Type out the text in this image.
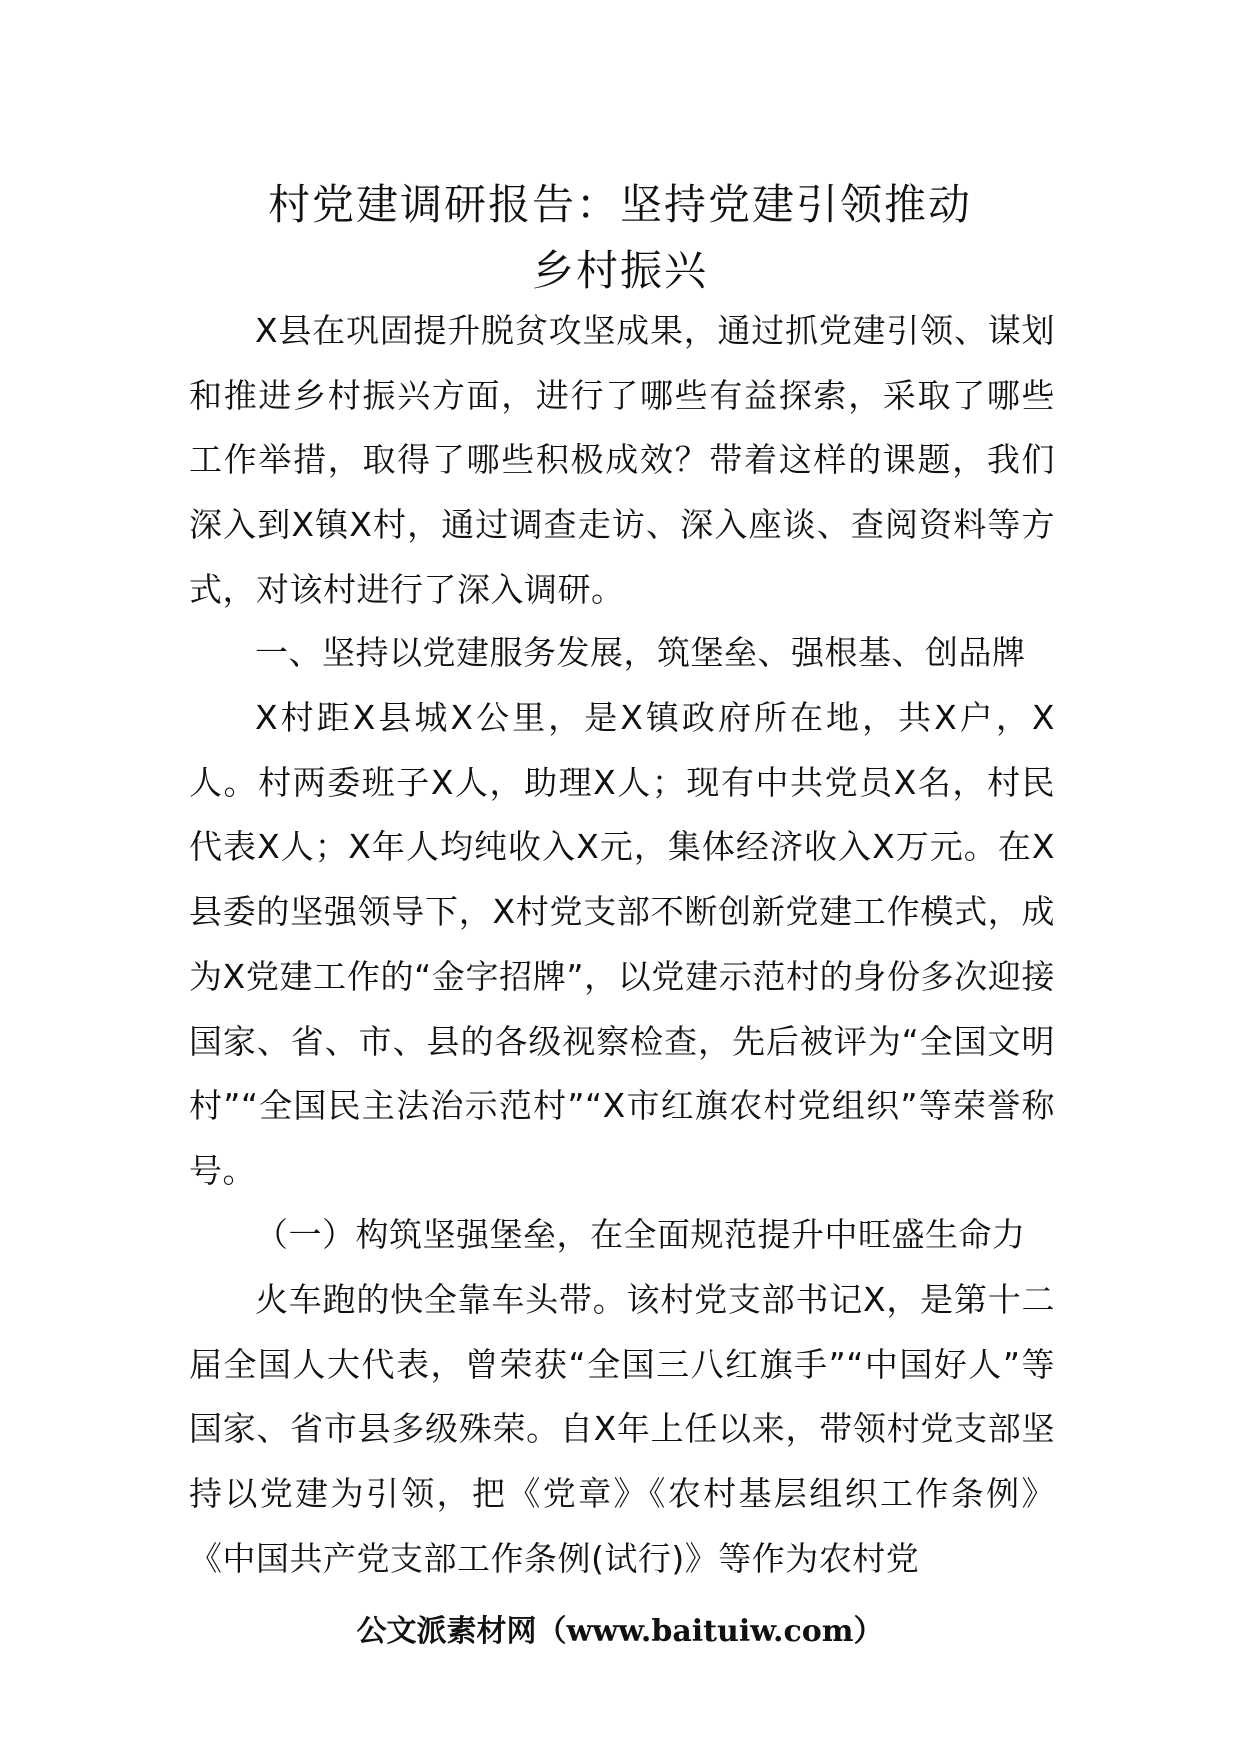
村党建调研报告：坚持党建引领推动
乡村振兴

X县在巩固提升脱贫攻坚成果，通过抓党建引领、谋划和推进乡村振兴方面，进行了哪些有益探索，采取了哪些工作举措，取得了哪些积极成效？带着这样的课题，我们深入到X镇X村，通过调查走访、深入座谈、查阅资料等方式，对该村进行了深入调研。

一、坚持以党建服务发展，筑堡垒、强根基、创品牌

X村距X县城X公里，是X镇政府所在地，共X户，X人。村两委班子X人，助理X人；现有中共党员X名，村民代表X人；X年人均纯收入X元，集体经济收入X万元。在X县委的坚强领导下，X村党支部不断创新党建工作模式，成为X党建工作的“金字招牌”，以党建示范村的身份多次迎接国家、省、市、县的各级视察检查，先后被评为“全国文明村”“全国民主法治示范村”“X市红旗农村党组织”等荣誉称号。

（一）构筑坚强堡垒，在全面规范提升中旺盛生命力

火车跑的快全靠车头带。该村党支部书记X，是第十二届全国人大代表，曾荣获“全国三八红旗手”“中国好人”等国家、省市县多级殊荣。自X年上任以来，带领村党支部坚持以党建为引领，把《党章》《农村基层组织工作条例》《中国共产党支部工作条例(试行)》等作为农村党

公文派素材网（www.baituiw.com）
